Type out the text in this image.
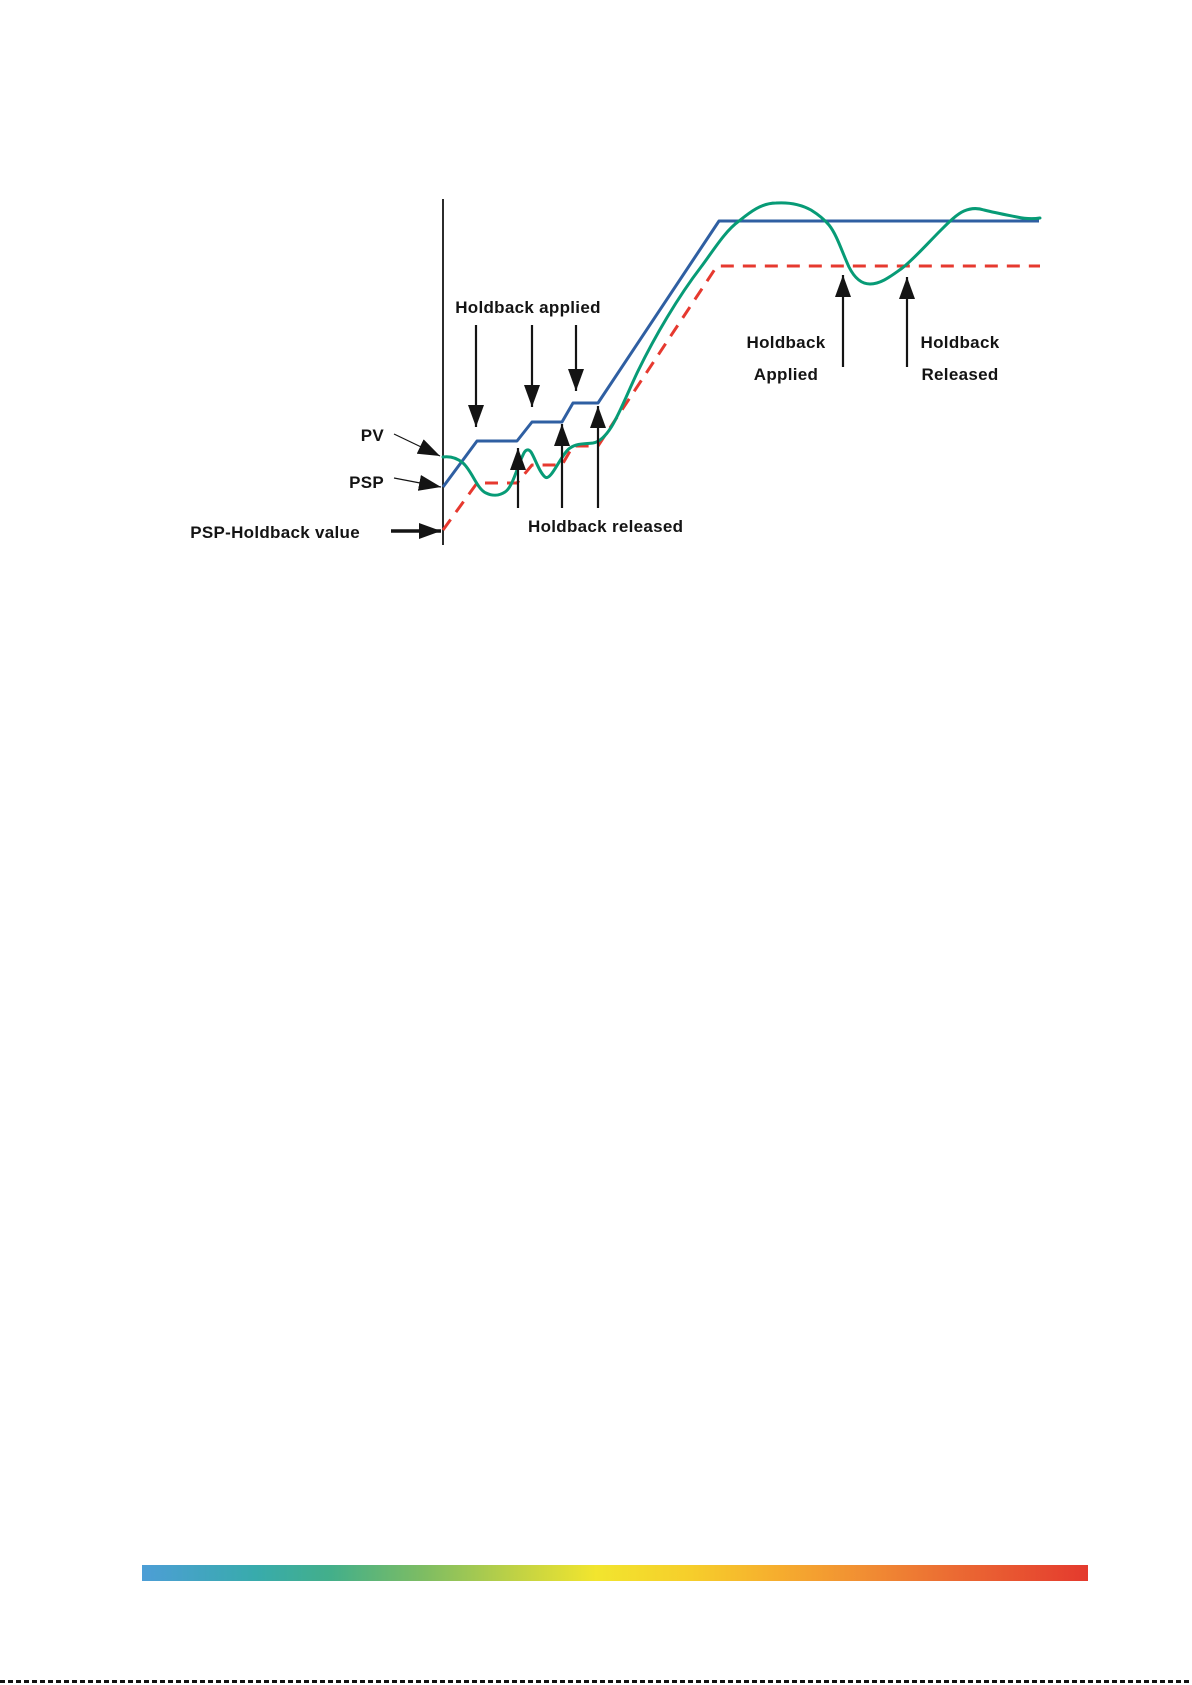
Holdback applied
PV
PSP
PSP-Holdback value	Holdback released
Holdback
Applied
Holdback
Released
